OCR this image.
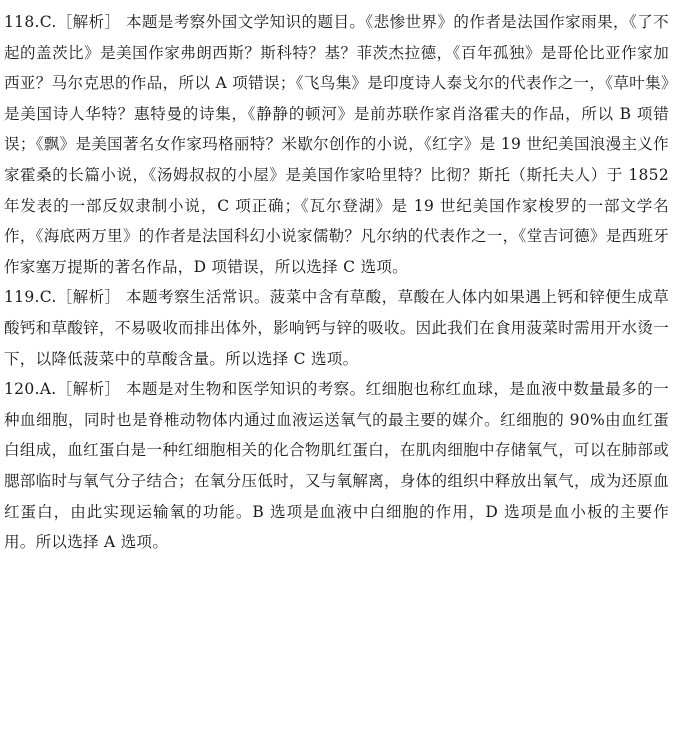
118.C.［解析］ 本题是考察外国文学知识的题目。《悲惨世界》的作者是法国作家雨果，《了不起的盖茨比》是美国作家弗朗西斯？斯科特？基？菲茨杰拉德，《百年孤独》是哥伦比亚作家加西亚？马尔克思的作品，所以 A 项错误；《飞鸟集》是印度诗人泰戈尔的代表作之一，《草叶集》是美国诗人华特？惠特曼的诗集，《静静的顿河》是前苏联作家肖洛霍夫的作品，所以 B 项错误；《飘》是美国著名女作家玛格丽特？米歇尔创作的小说，《红字》是 19 世纪美国浪漫主义作家霍桑的长篇小说，《汤姆叔叔的小屋》是美国作家哈里特？比彻？斯托（斯托夫人）于 1852 年发表的一部反奴隶制小说，C 项正确；《瓦尔登湖》是 19 世纪美国作家梭罗的一部文学名作，《海底两万里》的作者是法国科幻小说家儒勒？凡尔纳的代表作之一，《堂吉诃德》是西班牙作家塞万提斯的著名作品，D 项错误，所以选择 C 选项。

119.C.［解析］ 本题考察生活常识。菠菜中含有草酸，草酸在人体内如果遇上钙和锌便生成草酸钙和草酸锌，不易吸收而排出体外，影响钙与锌的吸收。因此我们在食用菠菜时需用开水烫一下，以降低菠菜中的草酸含量。所以选择 C 选项。

120.A.［解析］ 本题是对生物和医学知识的考察。红细胞也称红血球，是血液中数量最多的一种血细胞，同时也是脊椎动物体内通过血液运送氧气的最主要的媒介。红细胞的 90%由血红蛋白组成，血红蛋白是一种红细胞相关的化合物肌红蛋白，在肌肉细胞中存储氧气，可以在肺部或腮部临时与氧气分子结合；在氧分压低时，又与氧解离，身体的组织中释放出氧气，成为还原血红蛋白，由此实现运输氧的功能。B 选项是血液中白细胞的作用，D 选项是血小板的主要作用。所以选择 A 选项。
